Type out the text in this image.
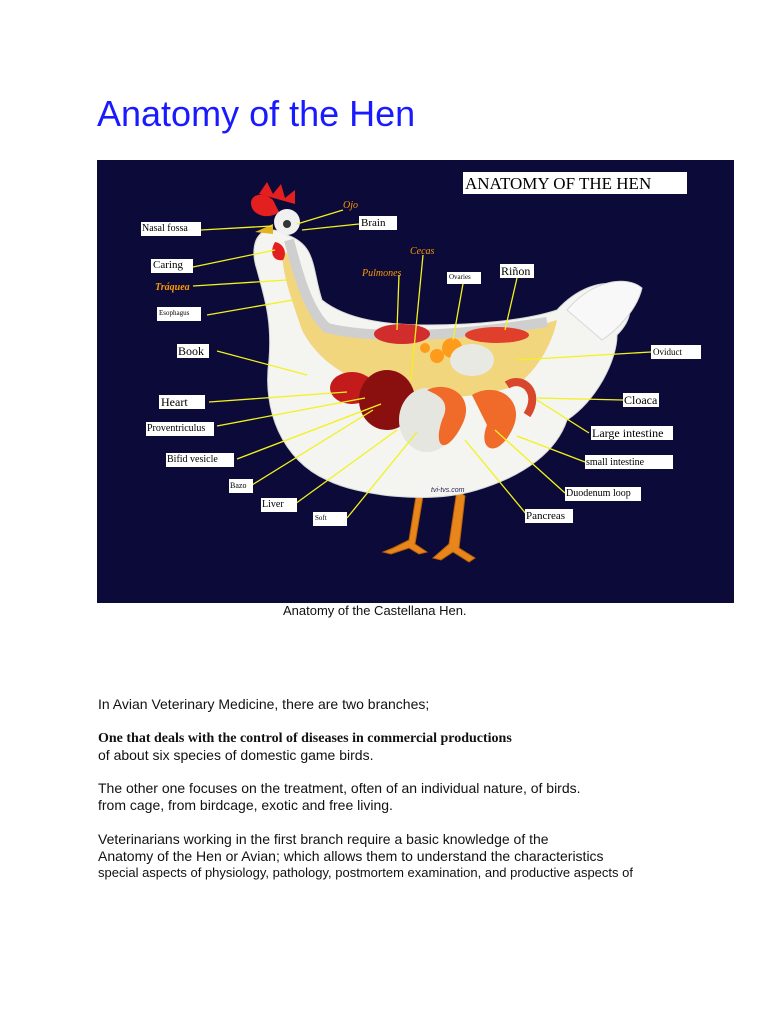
Anatomy of the Hen
ANATOMY OF THE HEN
Nasal fossa
Ojo
Brain
Caring
Tráquea
Esophagus
Cecas
Pulmones	Ovaries	Riñon
Book	Oviduct
Heart	Cloaca
Proventriculus	Large intestine
Bifid vesicle	small intestine
Bazo
Duodenum loop
Liver
Soft	Pancreas
tvi-tvs.com
Anatomy of the Castellana Hen.
In Avian Veterinary Medicine, there are two branches;
One that deals with the control of diseases in commercial productions
of about six species of domestic game birds.
The other one focuses on the treatment, often of an individual nature, of birds.
from cage, from birdcage, exotic and free living.
Veterinarians working in the first branch require a basic knowledge of the
Anatomy of the Hen or Avian; which allows them to understand the characteristics
special aspects of physiology, pathology, postmortem examination, and productive aspects of
